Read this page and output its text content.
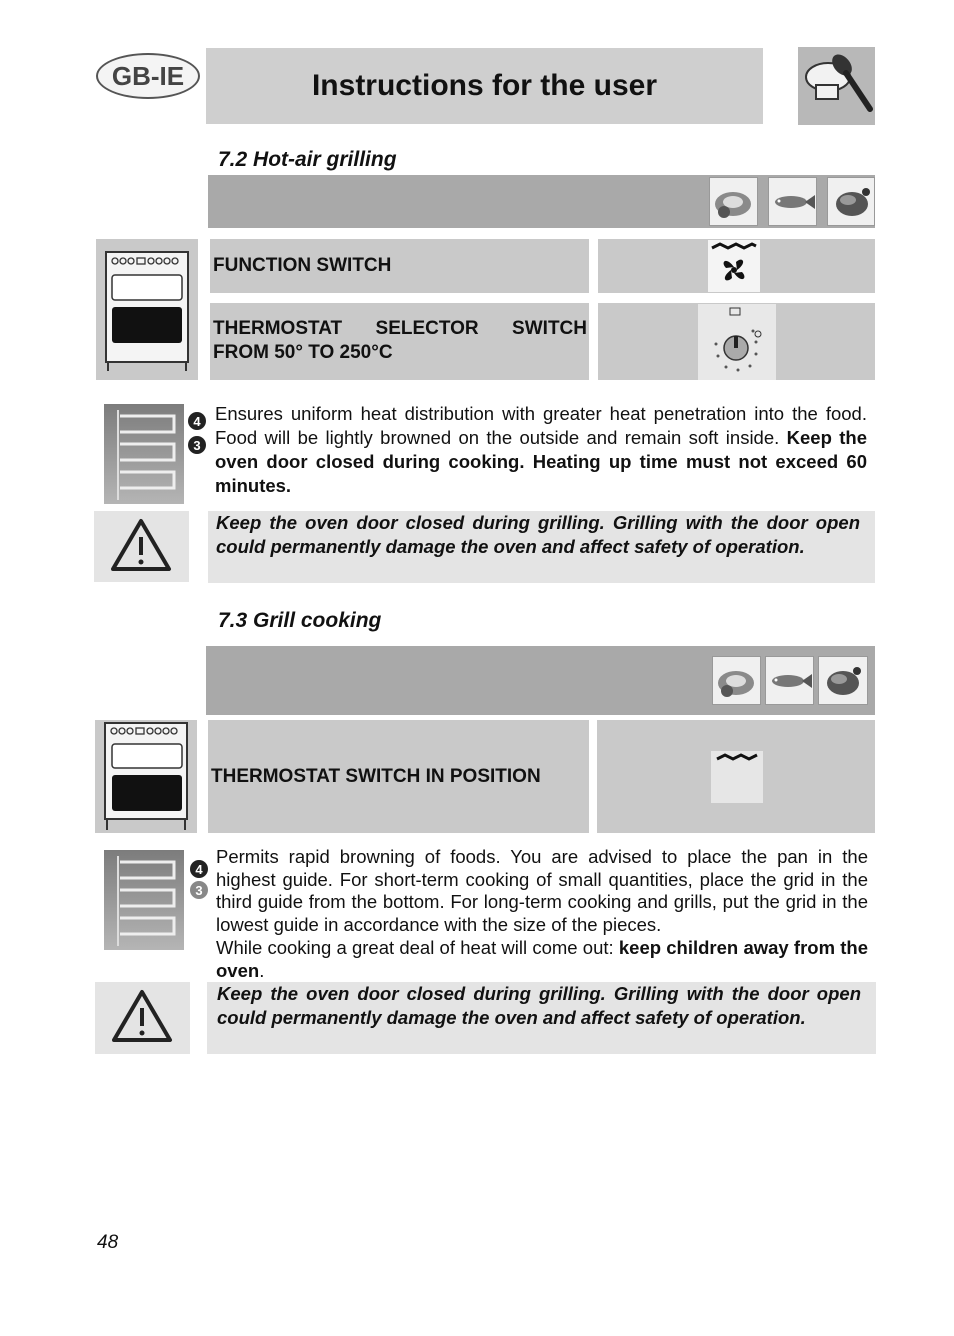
GB-IE	Instructions for the user
7.2 Hot-air grilling
FUNCTION SWITCH
THERMOSTAT SELECTOR SWITCH
FROM 50° TO 250°C
4
3
Ensures uniform heat distribution with greater heat penetration into the food. Food will be lightly browned on the outside and remain soft inside. Keep the oven door closed during cooking. Heating up time must not exceed 60 minutes.
Keep the oven door closed during grilling. Grilling with the door open could permanently damage the oven and affect safety of operation.
7.3 Grill cooking
THERMOSTAT SWITCH IN POSITION
4
3
Permits rapid browning of foods. You are advised to place the pan in the highest guide. For short-term cooking of small quantities, place the grid in the third guide from the bottom. For long-term cooking and grills, put the grid in the lowest guide in accordance with the size of the pieces.
While cooking a great deal of heat will come out: keep children away from the oven.
Keep the oven door closed during grilling. Grilling with the door open could permanently damage the oven and affect safety of operation.
48
